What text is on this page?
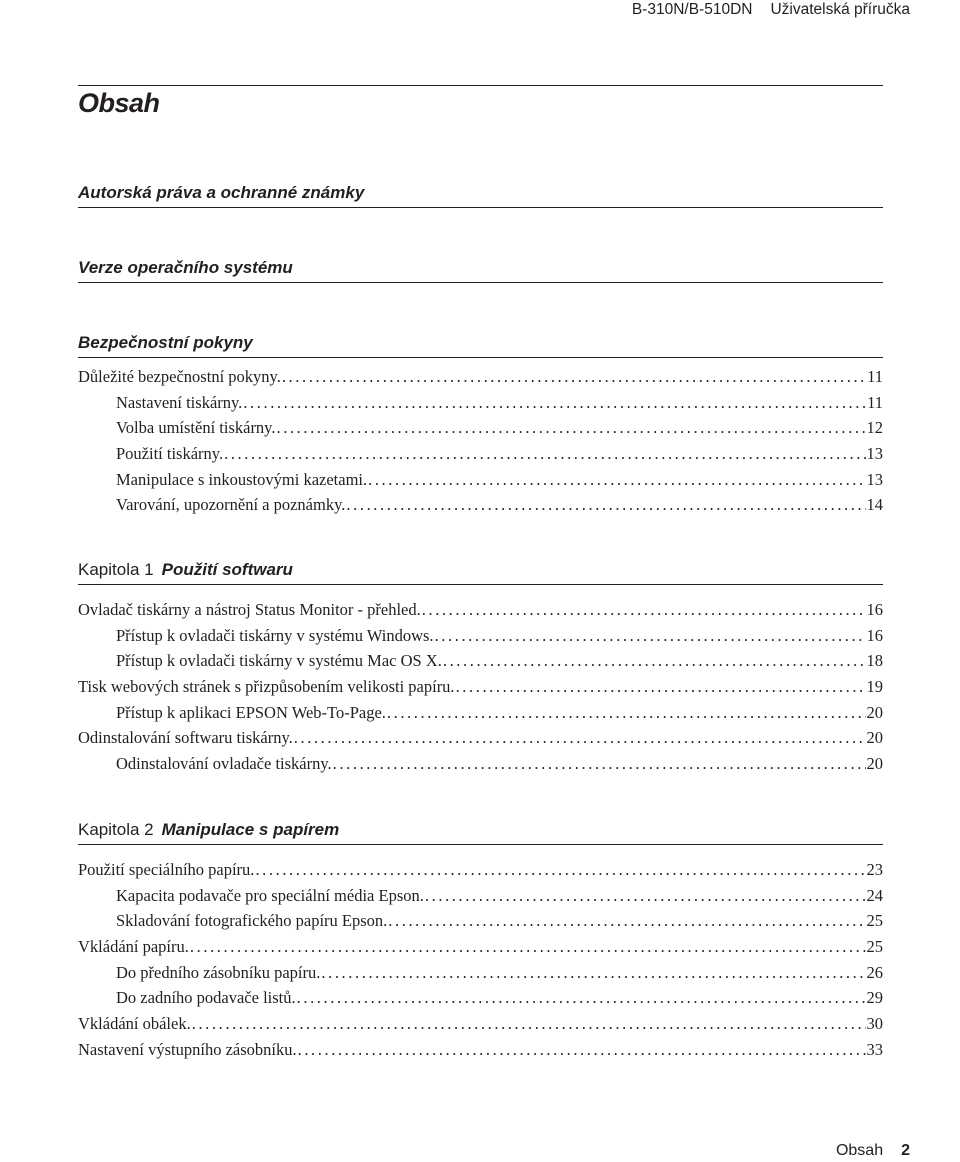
B-310N/B-510DN Uživatelská příručka
Obsah
Autorská práva a ochranné známky
Verze operačního systému
Bezpečnostní pokyny
Důležité bezpečnostní pokyny. .....	11
Nastavení tiskárny. .....	11
Volba umístění tiskárny. .....	12
Použití tiskárny. .....	13
Manipulace s inkoustovými kazetami. .....	13
Varování, upozornění a poznámky. .....	14
Kapitola 1 Použití softwaru
Ovladač tiskárny a nástroj Status Monitor - přehled. .....	16
Přístup k ovladači tiskárny v systému Windows. .....	16
Přístup k ovladači tiskárny v systému Mac OS X. .....	18
Tisk webových stránek s přizpůsobením velikosti papíru. .....	19
Přístup k aplikaci EPSON Web-To-Page. .....	20
Odinstalování softwaru tiskárny. .....	20
Odinstalování ovladače tiskárny. .....	20
Kapitola 2 Manipulace s papírem
Použití speciálního papíru. .....	23
Kapacita podavače pro speciální média Epson. .....	24
Skladování fotografického papíru Epson. .....	25
Vkládání papíru. .....	25
Do předního zásobníku papíru. .....	26
Do zadního podavače listů. .....	29
Vkládání obálek. .....	30
Nastavení výstupního zásobníku. .....	33
Obsah 2
